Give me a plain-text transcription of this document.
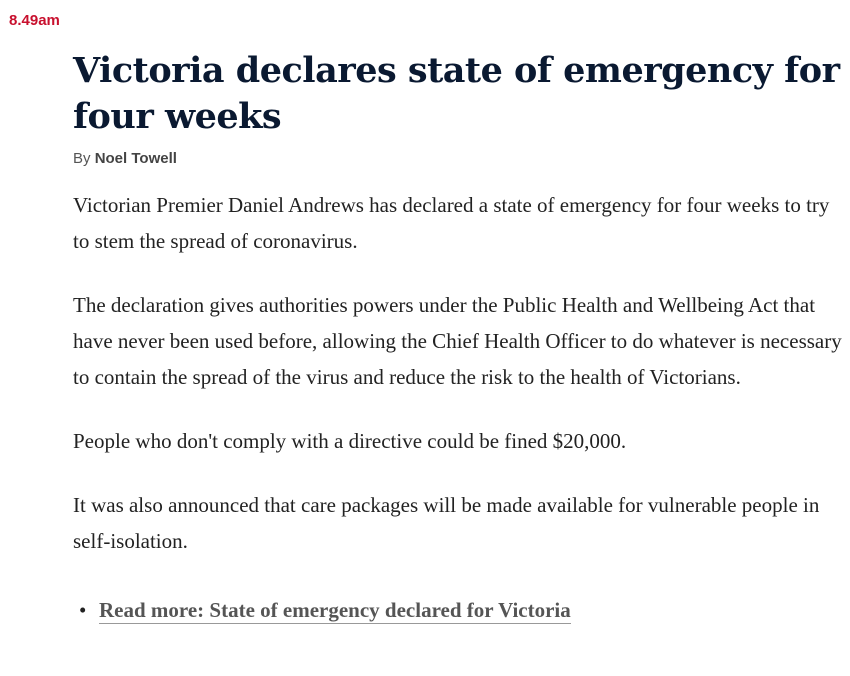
8.49am
Victoria declares state of emergency for four weeks
By Noel Towell

Victorian Premier Daniel Andrews has declared a state of emergency for four weeks to try to stem the spread of coronavirus.

The declaration gives authorities powers under the Public Health and Wellbeing Act that have never been used before, allowing the Chief Health Officer to do whatever is necessary to contain the spread of the virus and reduce the risk to the health of Victorians.

People who don't comply with a directive could be fined $20,000.

It was also announced that care packages will be made available for vulnerable people in self-isolation.

• Read more: State of emergency declared for Victoria
